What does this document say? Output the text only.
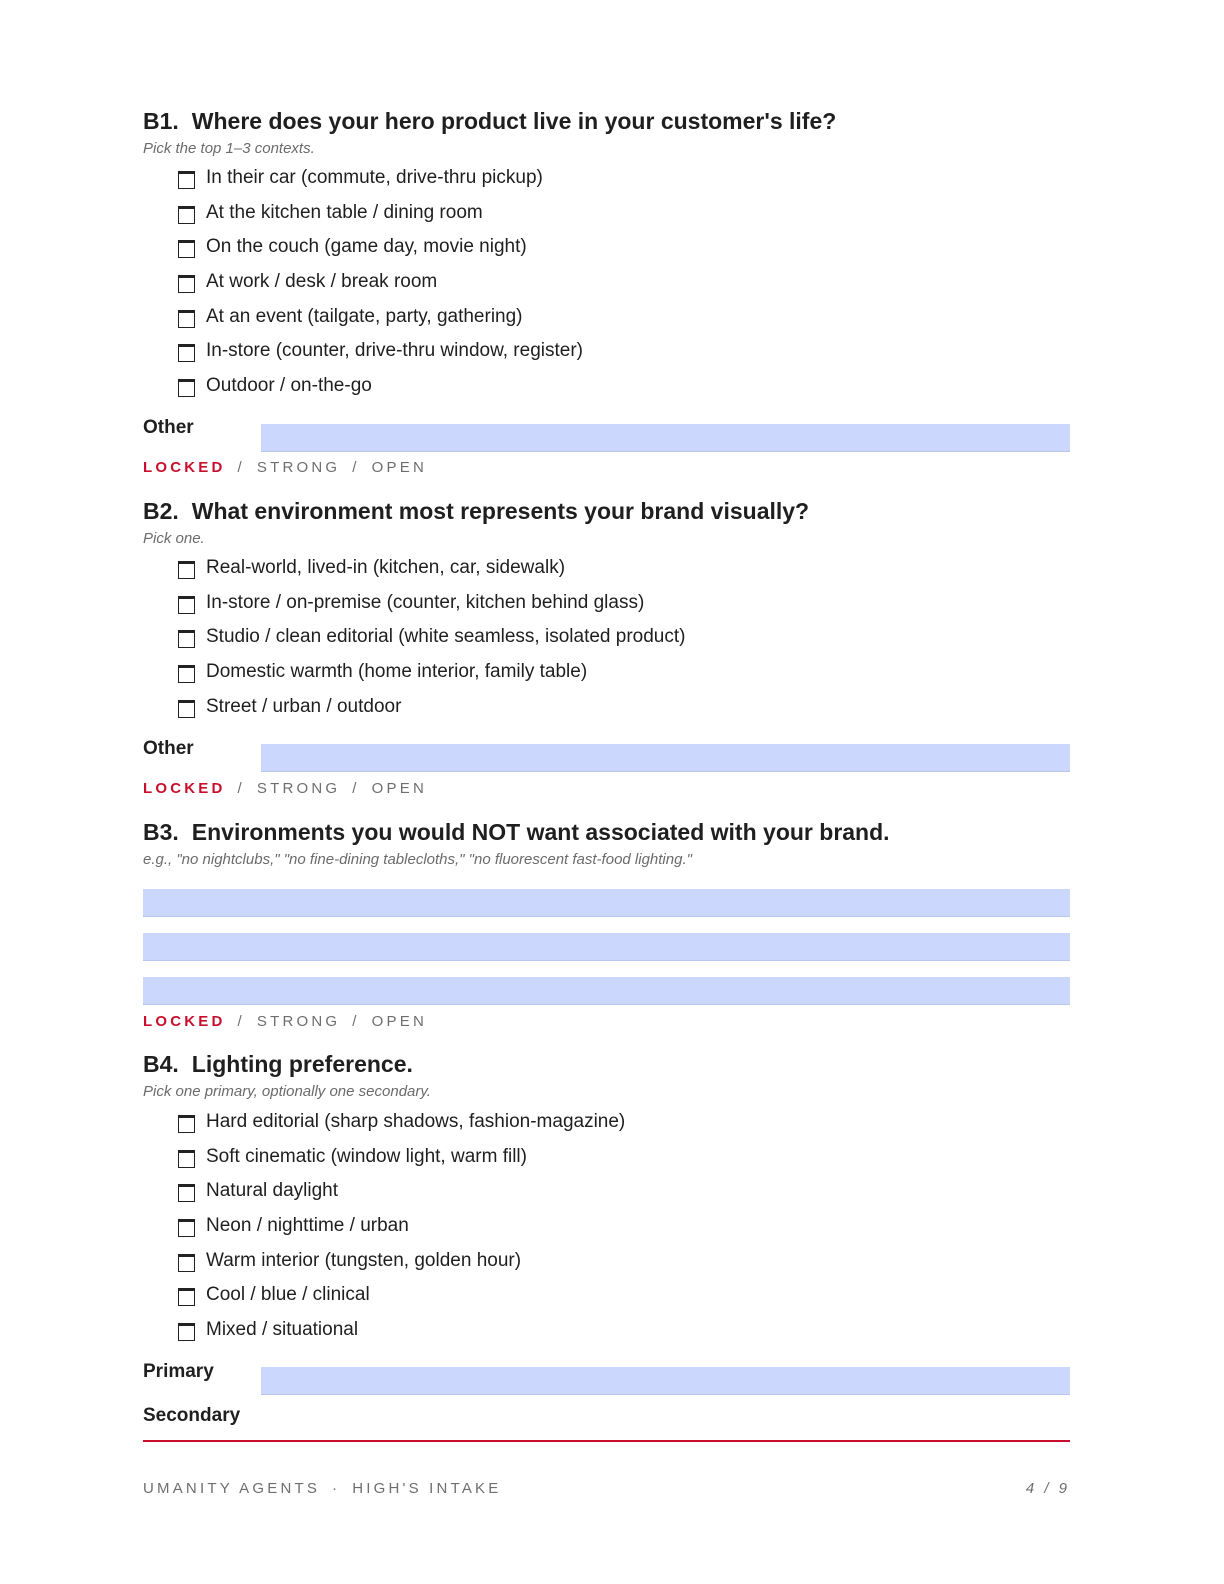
B1. Where does your hero product live in your customer's life?
Pick the top 1–3 contexts.
In their car (commute, drive-thru pickup)
At the kitchen table / dining room
On the couch (game day, movie night)
At work / desk / break room
At an event (tailgate, party, gathering)
In-store (counter, drive-thru window, register)
Outdoor / on-the-go
Other
LOCKED / STRONG / OPEN
B2. What environment most represents your brand visually?
Pick one.
Real-world, lived-in (kitchen, car, sidewalk)
In-store / on-premise (counter, kitchen behind glass)
Studio / clean editorial (white seamless, isolated product)
Domestic warmth (home interior, family table)
Street / urban / outdoor
Other
LOCKED / STRONG / OPEN
B3. Environments you would NOT want associated with your brand.
e.g., "no nightclubs," "no fine-dining tablecloths," "no fluorescent fast-food lighting."
LOCKED / STRONG / OPEN
B4. Lighting preference.
Pick one primary, optionally one secondary.
Hard editorial (sharp shadows, fashion-magazine)
Soft cinematic (window light, warm fill)
Natural daylight
Neon / nighttime / urban
Warm interior (tungsten, golden hour)
Cool / blue / clinical
Mixed / situational
Primary
Secondary
UMANITY AGENTS · HIGH'S INTAKE	4 / 9
